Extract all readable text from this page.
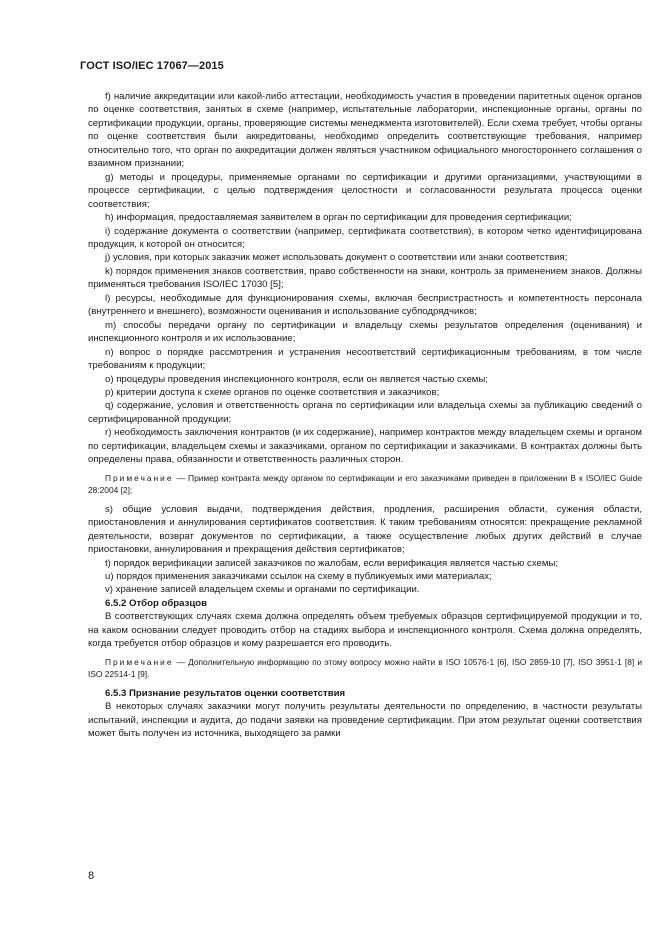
ГОСТ ISO/IEC 17067—2015

f) наличие аккредитации или какой-либо аттестации, необходимость участия в проведении паритетных оценок органов по оценке соответствия, занятых в схеме (например, испытательные лаборатории, инспекционные органы, органы по сертификации продукции, органы, проверяющие системы менеджмента изготовителей). Если схема требует, чтобы органы по оценке соответствия были аккредитованы, необходимо определить соответствующие требования, например относительно того, что орган по аккредитации должен являться участником официального многостороннего соглашения о взаимном признании;

g) методы и процедуры, применяемые органами по сертификации и другими организациями, участвующими в процессе сертификации, с целью подтверждения целостности и согласованности результата процесса оценки соответствия;

h) информация, предоставляемая заявителем в орган по сертификации для проведения сертификации;

i) содержание документа о соответствии (например, сертификата соответствия), в котором четко идентифицирована продукция, к которой он относится;

j) условия, при которых заказчик может использовать документ о соответствии или знаки соответствия;

k) порядок применения знаков соответствия, право собственности на знаки, контроль за применением знаков. Должны применяться требования ISO/IEC 17030 [5];

l) ресурсы, необходимые для функционирования схемы, включая беспристрастность и компетентность персонала (внутреннего и внешнего), возможности оценивания и использование субподрядчиков;

m) способы передачи органу по сертификации и владельцу схемы результатов определения (оценивания) и инспекционного контроля и их использование;

n) вопрос о порядке рассмотрения и устранения несоответствий сертификационным требованиям, в том числе требованиям к продукции;

o) процедуры проведения инспекционного контроля, если он является частью схемы;

p) критерии доступа к схеме органов по оценке соответствия и заказчиков;

q) содержание, условия и ответственность органа по сертификации или владельца схемы за публикацию сведений о сертифицированной продукции;

r) необходимость заключения контрактов (и их содержание), например контрактов между владельцем схемы и органом по сертификации, владельцем схемы и заказчиками, органом по сертификации и заказчиками. В контрактах должны быть определены права, обязанности и ответственность различных сторон.

Примечание — Пример контракта между органом по сертификации и его заказчиками приведен в приложении В к ISO/IEC Guide 28:2004 [2];

s) общие условия выдачи, подтверждения действия, продления, расширения области, сужения области, приостановления и аннулирования сертификатов соответствия. К таким требованиям относятся: прекращение рекламной деятельности, возврат документов по сертификации, а также осуществление любых других действий в случае приостановки, аннулирования и прекращения действия сертификатов;

t) порядок верификации записей заказчиков по жалобам, если верификация является частью схемы;

u) порядок применения заказчиками ссылок на схему в публикуемых ими материалах;

v) хранение записей владельцем схемы и органами по сертификации.

6.5.2 Отбор образцов

В соответствующих случаях схема должна определять объем требуемых образцов сертифицируемой продукции и то, на каком основании следует проводить отбор на стадиях выбора и инспекционного контроля. Схема должна определять, когда требуется отбор образцов и кому разрешается его проводить.

Примечание — Дополнительную информацию по этому вопросу можно найти в ISO 10576-1 [6], ISO 2859-10 [7], ISO 3951-1 [8] и ISO 22514-1 [9].

6.5.3 Признание результатов оценки соответствия

В некоторых случаях заказчики могут получить результаты деятельности по определению, в частности результаты испытаний, инспекции и аудита, до подачи заявки на проведение сертификации. При этом результат оценки соответствия может быть получен из источника, выходящего за рамки

8
